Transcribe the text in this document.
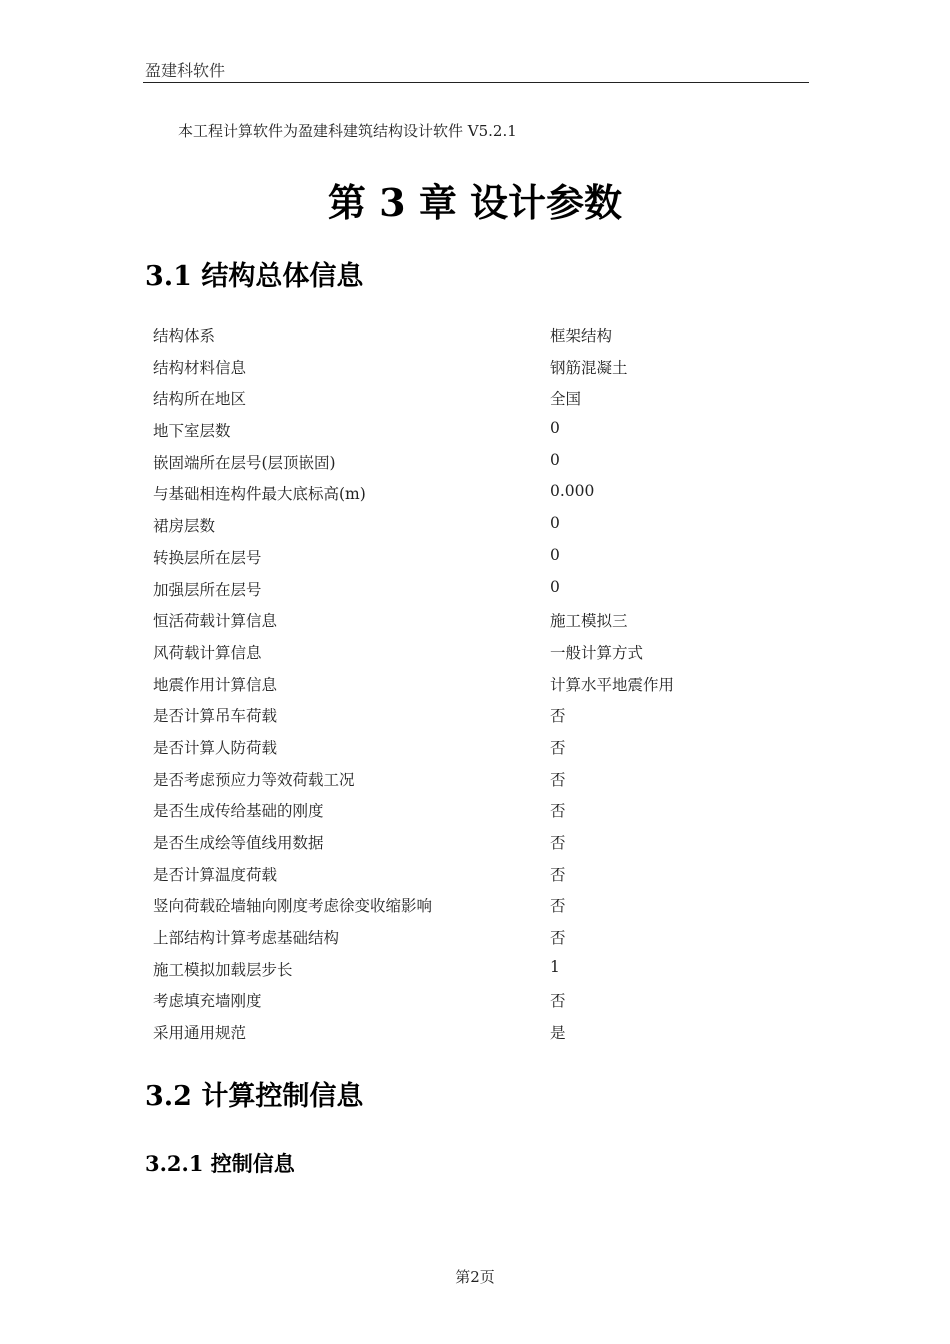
盈建科软件
本工程计算软件为盈建科建筑结构设计软件 V5.2.1
第 3 章 设计参数
3.1 结构总体信息
结构体系	框架结构
结构材料信息	钢筋混凝土
结构所在地区	全国
地下室层数	0
嵌固端所在层号(层顶嵌固)	0
与基础相连构件最大底标高(m)	0.000
裙房层数	0
转换层所在层号	0
加强层所在层号	0
恒活荷载计算信息	施工模拟三
风荷载计算信息	一般计算方式
地震作用计算信息	计算水平地震作用
是否计算吊车荷载	否
是否计算人防荷载	否
是否考虑预应力等效荷载工况	否
是否生成传给基础的刚度	否
是否生成绘等值线用数据	否
是否计算温度荷载	否
竖向荷载砼墙轴向刚度考虑徐变收缩影响	否
上部结构计算考虑基础结构	否
施工模拟加载层步长	1
考虑填充墙刚度	否
采用通用规范	是
3.2 计算控制信息
3.2.1 控制信息
第2页
